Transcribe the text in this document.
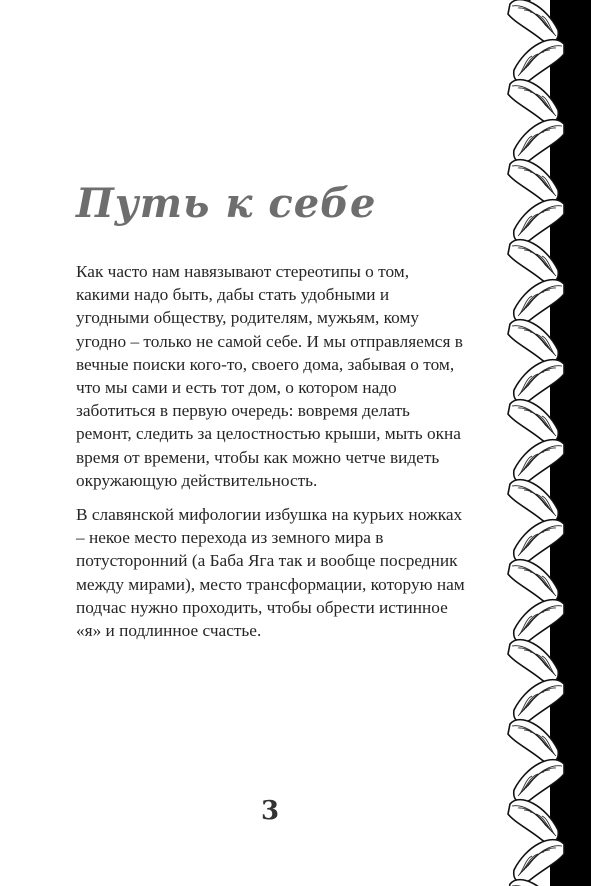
Путь к себе

Как часто нам навязывают стереотипы о том, какими надо быть, дабы стать удобными и угодными обществу, родителям, мужьям, кому угодно – только не самой себе. И мы отправляемся в вечные поиски кого-то, своего дома, забывая о том, что мы сами и есть тот дом, о котором надо заботиться в первую очередь: вовремя делать ремонт, следить за целостностью крыши, мыть окна время от времени, чтобы как можно четче видеть окружающую действительность.

В славянской мифологии избушка на курьих ножках – некое место перехода из земного мира в потусторонний (а Баба Яга так и вообще посредник между мирами), место трансформации, которую нам подчас нужно проходить, чтобы обрести истинное «я» и подлинное счастье.

3
